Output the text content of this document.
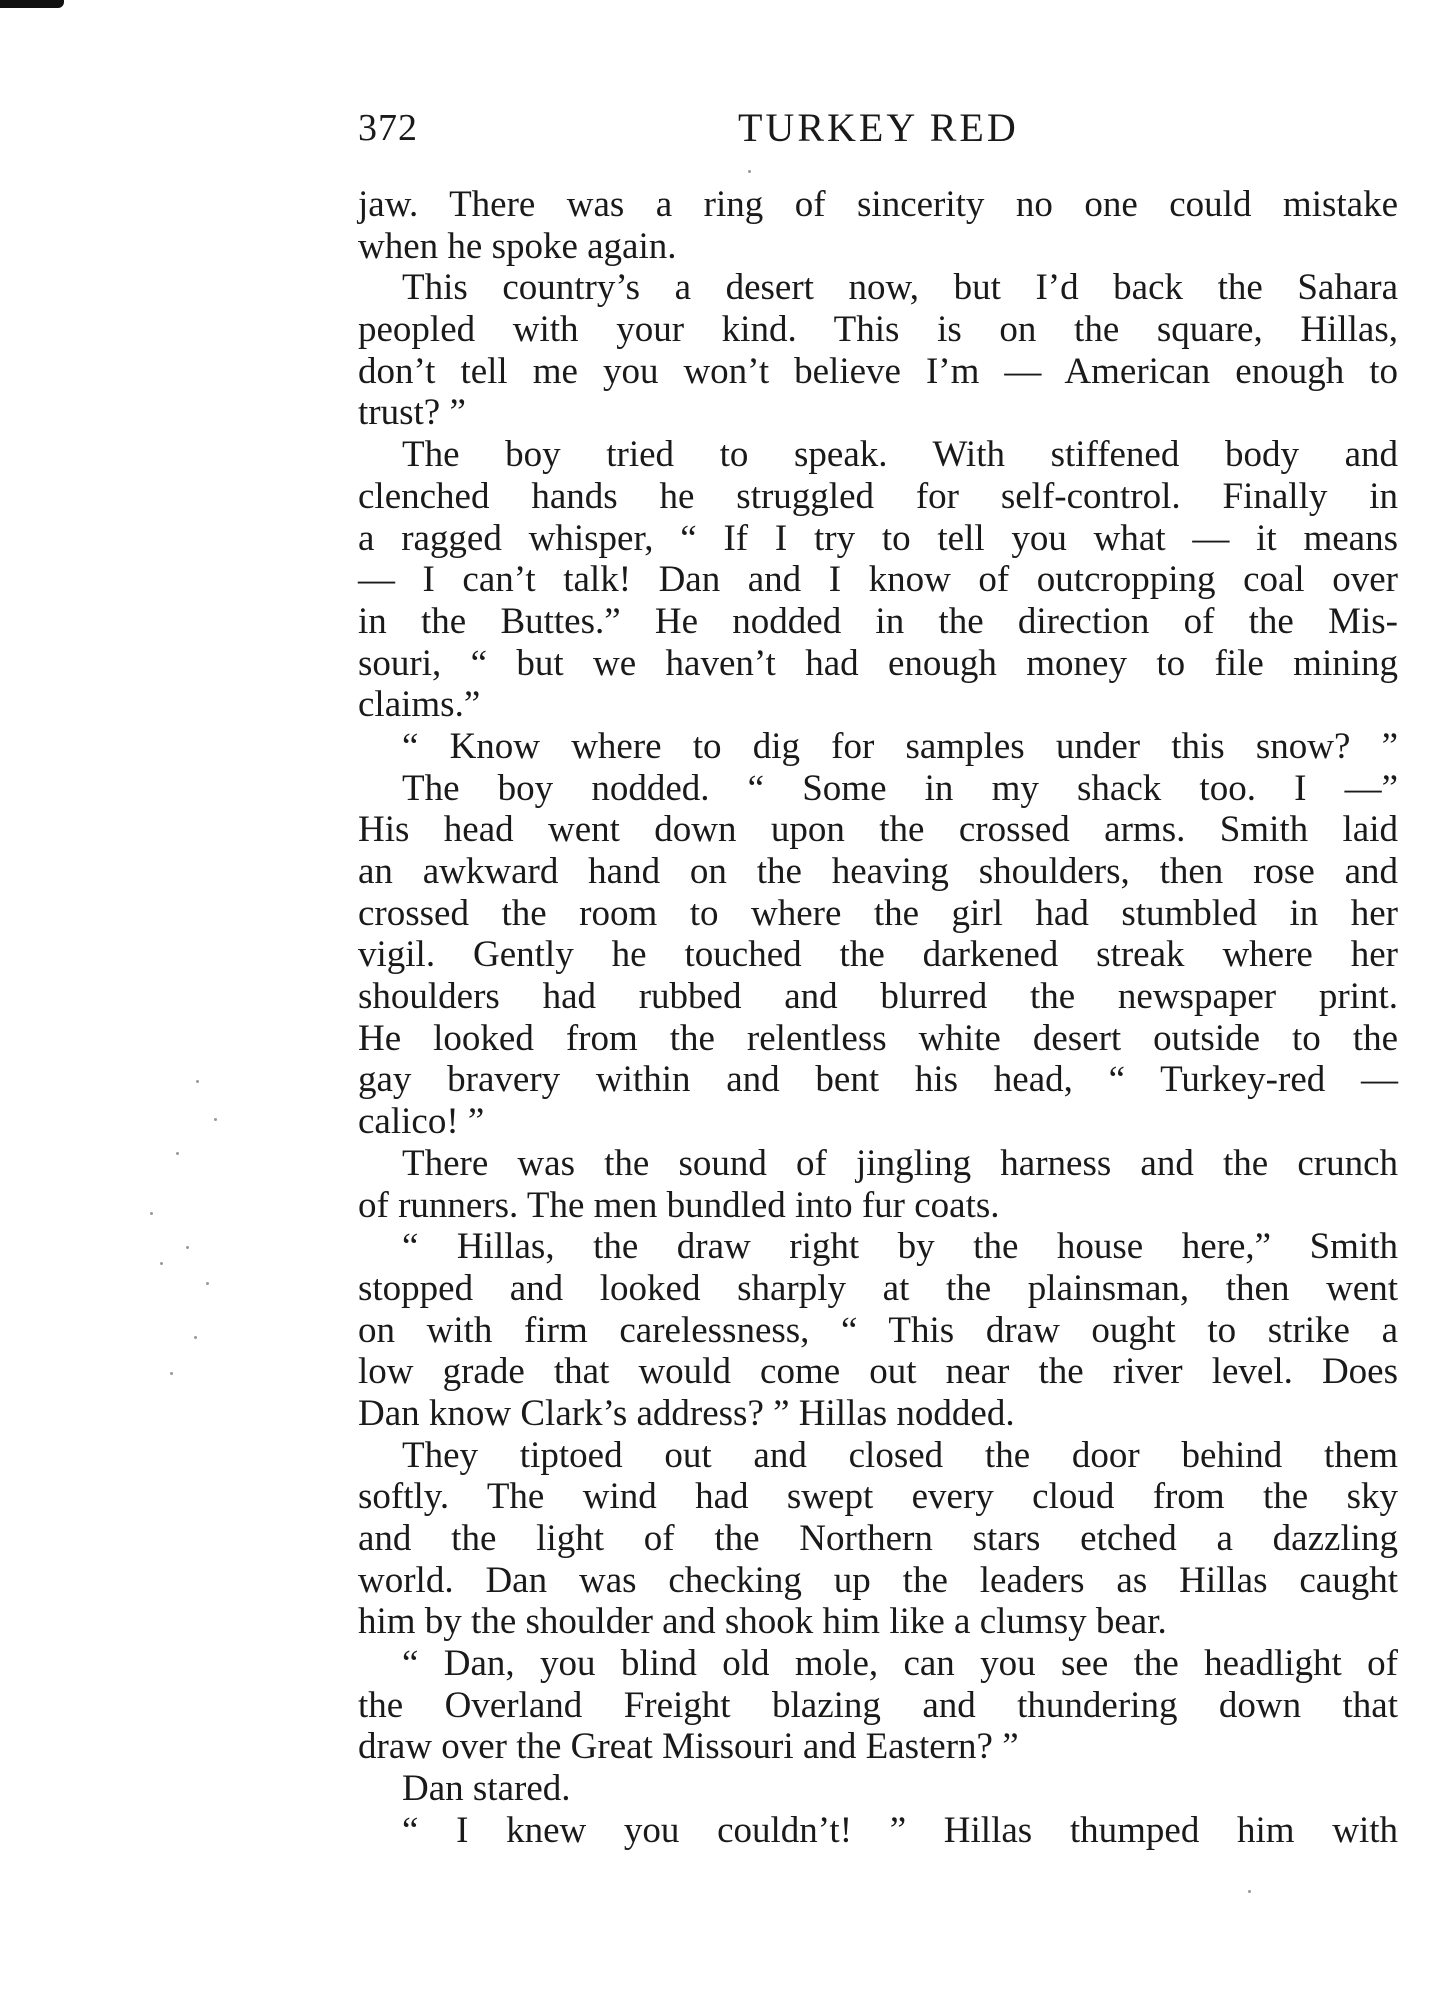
372	TURKEY RED
jaw. There was a ring of sincerity no one could mistake
when he spoke again.
This country’s a desert now, but I’d back the Sahara
peopled with your kind. This is on the square, Hillas,
don’t tell me you won’t believe I’m — American enough to
trust? ”
The boy tried to speak. With stiffened body and
clenched hands he struggled for self-control. Finally in
a ragged whisper, “ If I try to tell you what — it means
— I can’t talk! Dan and I know of outcropping coal over
in the Buttes.” He nodded in the direction of the Mis-
souri, “ but we haven’t had enough money to file mining
claims.”
“ Know where to dig for samples under this snow? ”
The boy nodded. “ Some in my shack too. I —”
His head went down upon the crossed arms. Smith laid
an awkward hand on the heaving shoulders, then rose and
crossed the room to where the girl had stumbled in her
vigil. Gently he touched the darkened streak where her
shoulders had rubbed and blurred the newspaper print.
He looked from the relentless white desert outside to the
gay bravery within and bent his head, “ Turkey-red —
calico! ”
There was the sound of jingling harness and the crunch
of runners. The men bundled into fur coats.
“ Hillas, the draw right by the house here,” Smith
stopped and looked sharply at the plainsman, then went
on with firm carelessness, “ This draw ought to strike a
low grade that would come out near the river level. Does
Dan know Clark’s address? ” Hillas nodded.
They tiptoed out and closed the door behind them
softly. The wind had swept every cloud from the sky
and the light of the Northern stars etched a dazzling
world. Dan was checking up the leaders as Hillas caught
him by the shoulder and shook him like a clumsy bear.
“ Dan, you blind old mole, can you see the headlight of
the Overland Freight blazing and thundering down that
draw over the Great Missouri and Eastern? ”
Dan stared.
“ I knew you couldn’t! ” Hillas thumped him with
